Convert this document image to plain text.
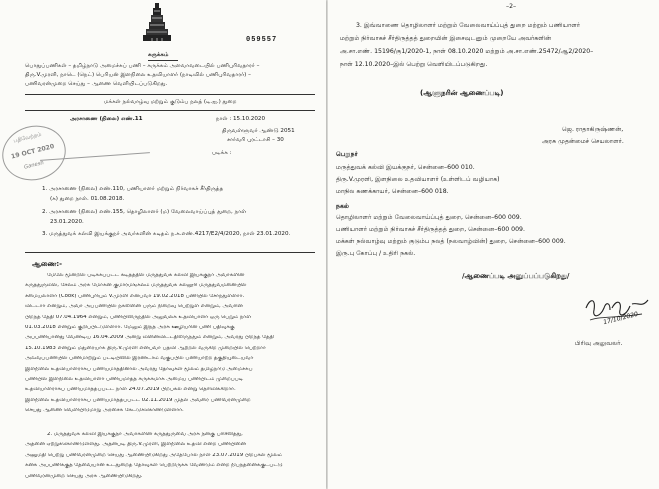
059557
சுருக்கம்
பொதுப்பணிகள் – தமிழ்நாடு அமைச்சுப் பணி – சுருக்கம் அளவாவடையில் பணிபுரிவதாரர் –
திரு.V.முரளி, நாடெ (நெட்) பெரியன் இளநிலை உதவியாளர் (நாடிவில் பணிபுரிவதாரர்) –
பணிவரன்முறை செய்து – ஆணை வெளியிடப்படுகிறது.
மக்கள் நல்வாழ்வு மற்றும் குடும்ப நலத் (டி.ஐ.) துறை
அரசாணை (நிலை) எண்.11	நாள் : 15.10.2020
திருவள்ளுவர் ஆண்டு 2051
சார்வரி புரட்டாசி – 30
படிக்க :
பதிவேற்றம்
19 OCT 2020
Ganesh
1. அரசாணை (நிலை) எண்.110, பணியாளர் மற்றும் நிர்வாகச் சீர்திருத்த
(க) துறை நாள். 01.08.2018.
2. அரசாணை (நிலை) எண்.155, தொழிலாளர் (ம) வேலைவாய்ப்புத் துறை, நாள்
23.01.2020.
3. மருத்துவக் கல்வி இயக்குநர் அவர்களின் கடிதம் ந.க.எண்.4217/E2/4/2020, நாள் 23.01.2020.
ஆணை:-
மேலே மூன்றில் படிக்கப்பட்ட கடிதத்தில் மருத்துவக் கல்வி இயக்குநர் அவர்களின்
கருத்துருவில், சேலம் அரசு மோகன் குமாரமங்கலம் மருத்துவக் கல்லூரி மருத்துவமனையில்
சமையலாளர் (Cook) பணிபுரியும் V.முரளி என்பவர் 19.02.2018 பணியில் சேர்ந்துள்ளார்.
விட்டார் என்றும், அவர் அப்பணியில் நகலினை பரும் நிறைவு பெற்றுள் என்றும், அவரின்
பிறந்த தேதி 07.04.1964 என்றும், பணியிலிருந்தில் அலுவலக உதவியாளர் ஒரு பெறும் நாள்
01.03.2018 என்றும் குறிப்பிட்டுள்ளார். மேலும் இந்த அரசு ஊழியரின் பணி பதிவுக்கு
அப்பணியானது வேண்டிய 16.04.2009 அன்று வினைவிட்டதிலிருந்தும் என்றும், அவரது பிறந்த தேதி
15.10.1983 என்றும் மதுரையாக திரு.V.முரளி என்பவர் பதவி ஆற்றல் வருகிற முறையில் பெற்றார்
அவ்வப்பணியில் பணிமாற்றும் பட்டியிலில் இரண்டாம் வகுப்பில் பணியாற்ற தகுதியுடையவர்
இளநிலை உதவியாளராகப் பணியமர்த்தினால் அவரது தேர்வுகள் மூலம் தமிழ்நாடு அமைச்சுப்
பணியில் இளநிலை உதவியாளர் பணியமர்த்த சுருக்கமாக அமைய பணியிடம் முறைப்படி
உதவியாளராகப் பணியமர்த்தப்பட்ட நாள் 24.07.2019 பிறபகல் என்று தெரிவிக்கிறார்.
இளநிலை உதவியாளராகப் பணியமர்த்தப்பட்ட 02.11.2019 முதல் அவரை பணிவரன்முறை
செய்து ஆணை வெளியிடுமாறு அரசைக் கேட்டுக்கொண்டுள்ளார்.
2. மருத்துவக் கல்வி இயக்குநர் அவர்களின் கருத்துருவை அரசு நன்கு பரிசீலித்து,
அதனை ஏற்றுக்கொண்டுள்ளது. அதன்படி திரு.V.முரளி, இளநிலை உதவி என்ற பணியினை
அனுமதி பெற்று பணிவரன்முறை செய்து ஆணையிடுகிறது அதேபோல் நாள் 23.07.2019 பிறபகல் மூலம்
கனக அப்பணிக்குத் தேவையான உட்துறைத் தேர்வுகள் பெற்றிருக்க வேண்டும் என்ற நிபந்தனைக்குட்பட்டு
பணிவரன்முறை செய்து அரசு ஆணையிடுகிறது.
–2–
3. இவ்வாணை தொழிலாளர் மற்றும் வேலைவாய்ப்புத் துறை மற்றும் பணியாளர்
மற்றும் நிர்வாகச் சீர்திருத்தத் துறையின் இசைவுடனும் முறையே அவர்களின்
அ.சா.எண். 15196/கு1/2020-1, நாள் 08.10.2020 மற்றும் அ.சா.எண்.25472/ஆ2/2020–
நாள் 12.10.2020–இல் பெற்று வெளியிடப்படுகிறது.
(ஆளுநரின் ஆணைப்படி)
ஜெ. ராதாகிருஷ்ணன்,
அரசு முதன்மைச் செயலாளர்.
பெறுநர்
மருத்துவக் கல்வி இயக்குநர், சென்னை–600 010.
திரு.V.முரளி, இளநிலை உதவியாளர் (உள்ளிடப் வழியாக)
மாநில கணக்காயர், சென்னை–600 018.
நகல்
தொழிலாளர் மற்றும் வேலைவாய்ப்புத் துறை, சென்னை–600 009.
பணியாளர் மற்றும் நிர்வாகச் சீர்திருத்தத் துறை, சென்னை–600 009.
மக்கள் நல்வாழ்வு மற்றும் குடும்ப நலத் (நலவாழ்வின்) துறை, சென்னை–600 009.
இரு.பு கோப்பு / உதிரி நகல்.
/ஆணைப்படி அனுப்பப்படுகிறது/
17/10/2020
பிரிவு அலுவலர்.
